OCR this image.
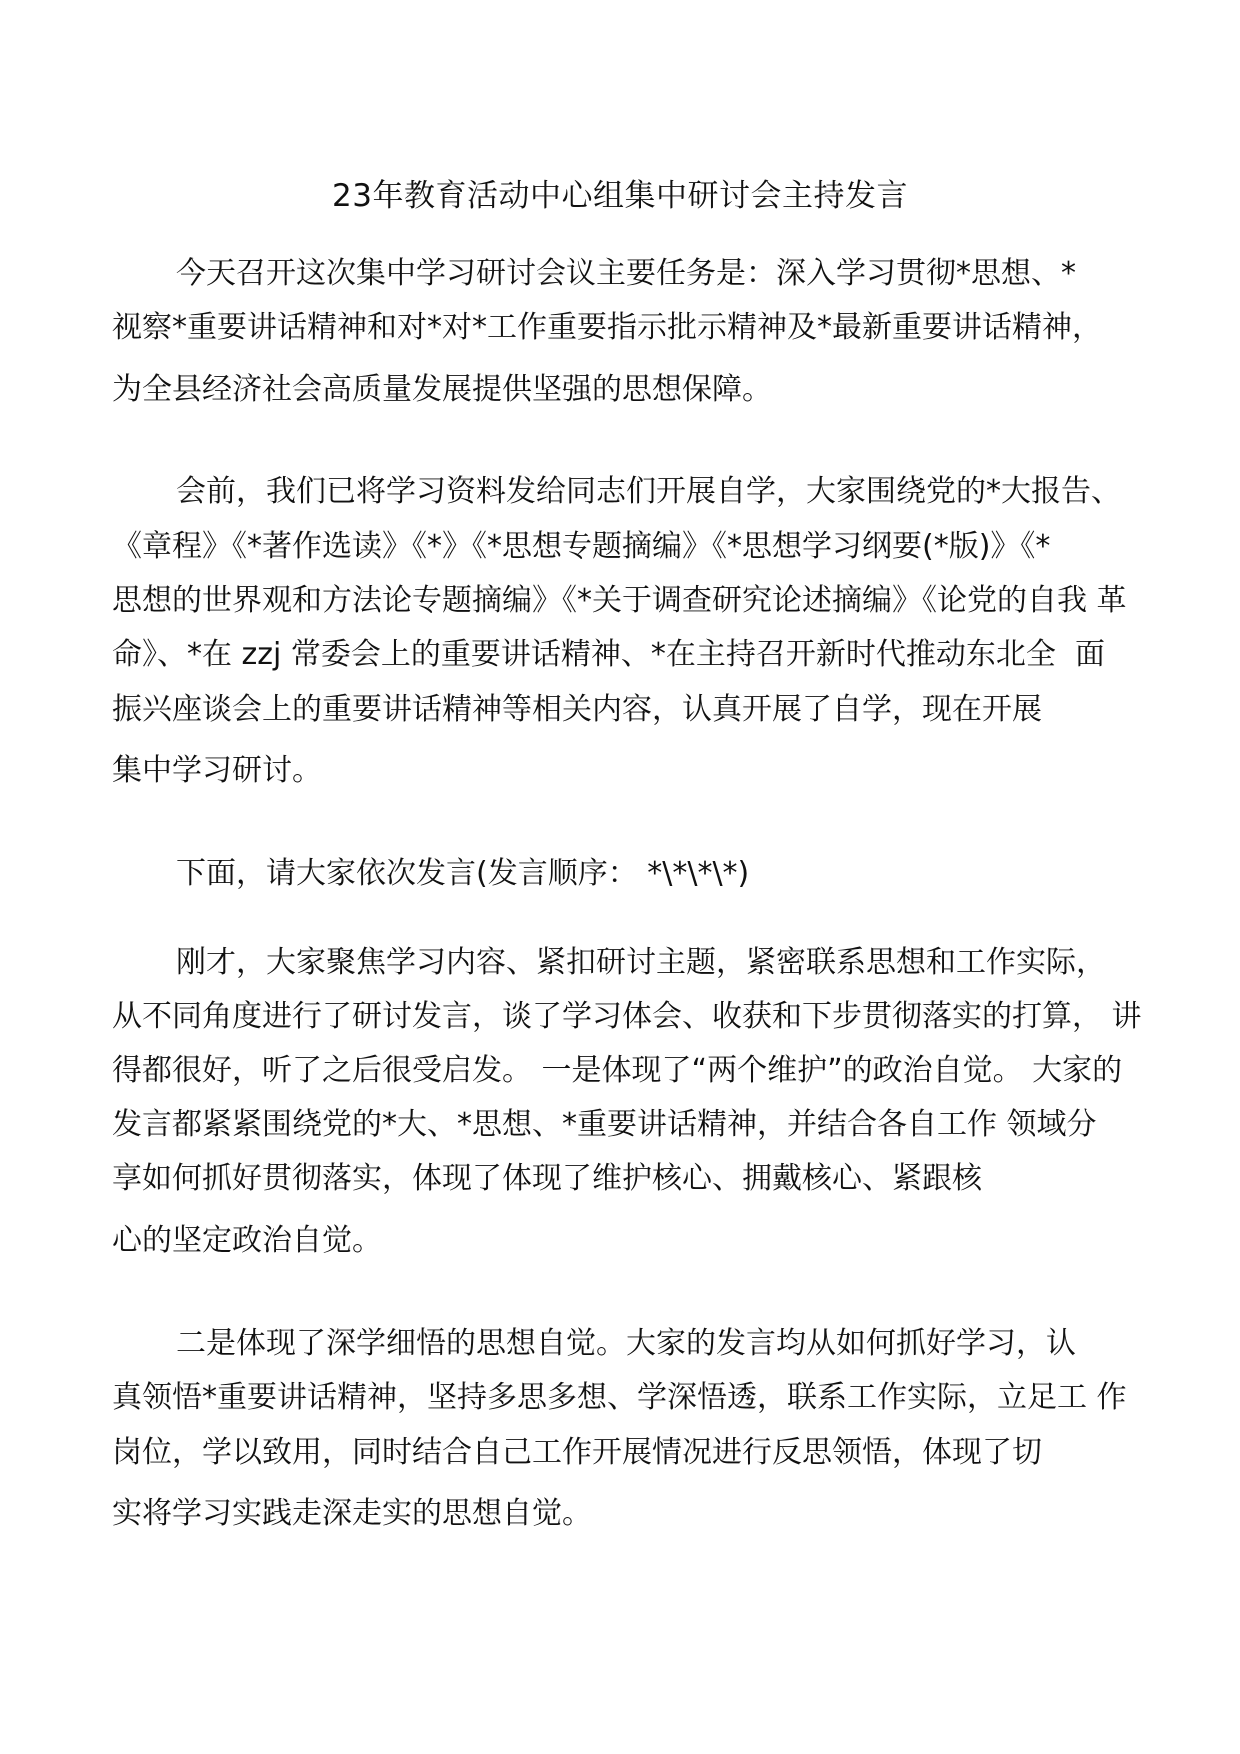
23年教育活动中心组集中研讨会主持发言
今天召开这次集中学习研讨会议主要任务是：深入学习贯彻*思想、*
视察*重要讲话精神和对*对*工作重要指示批示精神及*最新重要讲话精神，
为全县经济社会高质量发展提供坚强的思想保障。
会前，我们已将学习资料发给同志们开展自学，大家围绕党的*大报告、
《章程》《*著作选读》《*》《*思想专题摘编》《*思想学习纲要(*版)》《*
思想的世界观和方法论专题摘编》《*关于调查研究论述摘编》《论党的自我 革
命》、*在 zzj 常委会上的重要讲话精神、*在主持召开新时代推动东北全  面
振兴座谈会上的重要讲话精神等相关内容，认真开展了自学，现在开展
集中学习研讨。
下面，请大家依次发言(发言顺序： *\*\*\*)
刚才，大家聚焦学习内容、紧扣研讨主题，紧密联系思想和工作实际，
从不同角度进行了研讨发言，谈了学习体会、收获和下步贯彻落实的打算， 讲
得都很好，听了之后很受启发。 一是体现了“两个维护”的政治自觉。 大家的
发言都紧紧围绕党的*大、*思想、*重要讲话精神，并结合各自工作 领域分
享如何抓好贯彻落实，体现了体现了维护核心、拥戴核心、紧跟核
心的坚定政治自觉。
二是体现了深学细悟的思想自觉。大家的发言均从如何抓好学习，认
真领悟*重要讲话精神，坚持多思多想、学深悟透，联系工作实际，立足工 作
岗位，学以致用，同时结合自己工作开展情况进行反思领悟，体现了切
实将学习实践走深走实的思想自觉。
